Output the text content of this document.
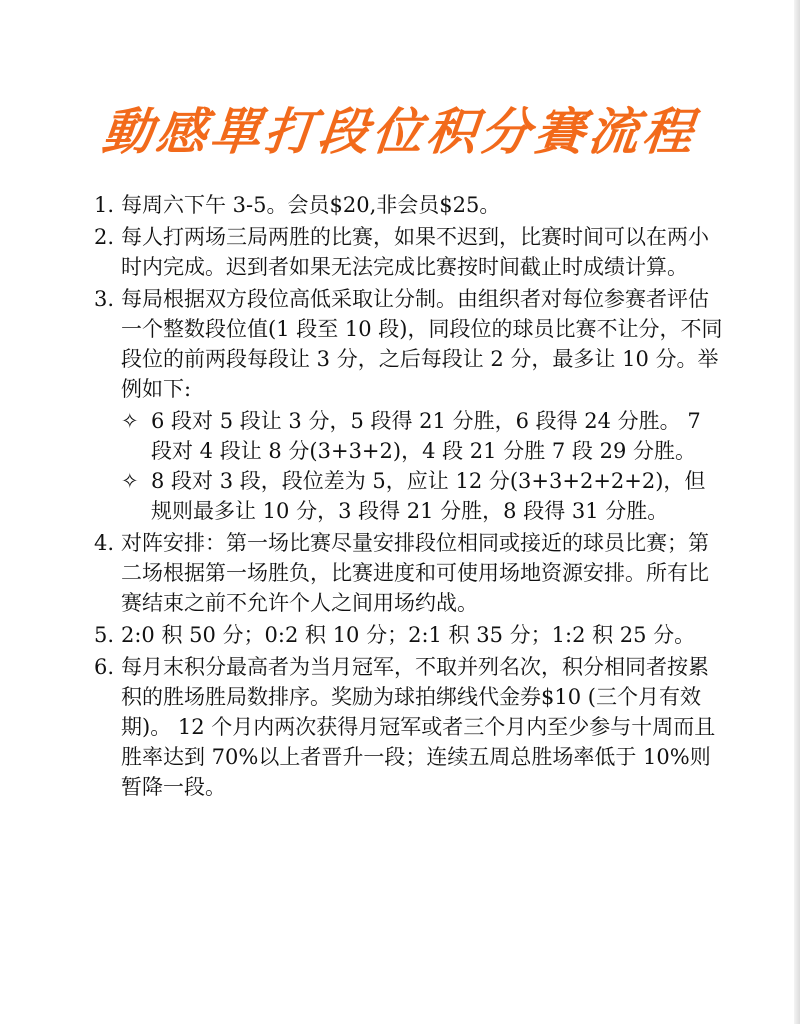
動感單打段位积分賽流程
1. 每周六下午 3-5。会员$20,非会员$25。
2. 每人打两场三局两胜的比赛，如果不迟到，比赛时间可以在两小时内完成。迟到者如果无法完成比赛按时间截止时成绩计算。
3. 每局根据双方段位高低采取让分制。由组织者对每位参赛者评估一个整数段位值(1 段至 10 段)，同段位的球员比赛不让分，不同段位的前两段每段让 3 分，之后每段让 2 分，最多让 10 分。举例如下:
✧ 6 段对 5 段让 3 分，5 段得 21 分胜，6 段得 24 分胜。 7 段对 4 段让 8 分(3+3+2)，4 段 21 分胜 7 段 29 分胜。
✧ 8 段对 3 段，段位差为 5，应让 12 分(3+3+2+2+2)，但规则最多让 10 分，3 段得 21 分胜，8 段得 31 分胜。
4. 对阵安排：第一场比赛尽量安排段位相同或接近的球员比赛；第二场根据第一场胜负，比赛进度和可使用场地资源安排。所有比赛结束之前不允许个人之间用场约战。
5. 2:0 积 50 分；0:2 积 10 分；2:1 积 35 分；1:2 积 25 分。
6. 每月末积分最高者为当月冠军，不取并列名次，积分相同者按累积的胜场胜局数排序。奖励为球拍绑线代金券$10 (三个月有效期)。 12 个月内两次获得月冠军或者三个月内至少参与十周而且胜率达到 70%以上者晋升一段；连续五周总胜场率低于 10%则暂降一段。
